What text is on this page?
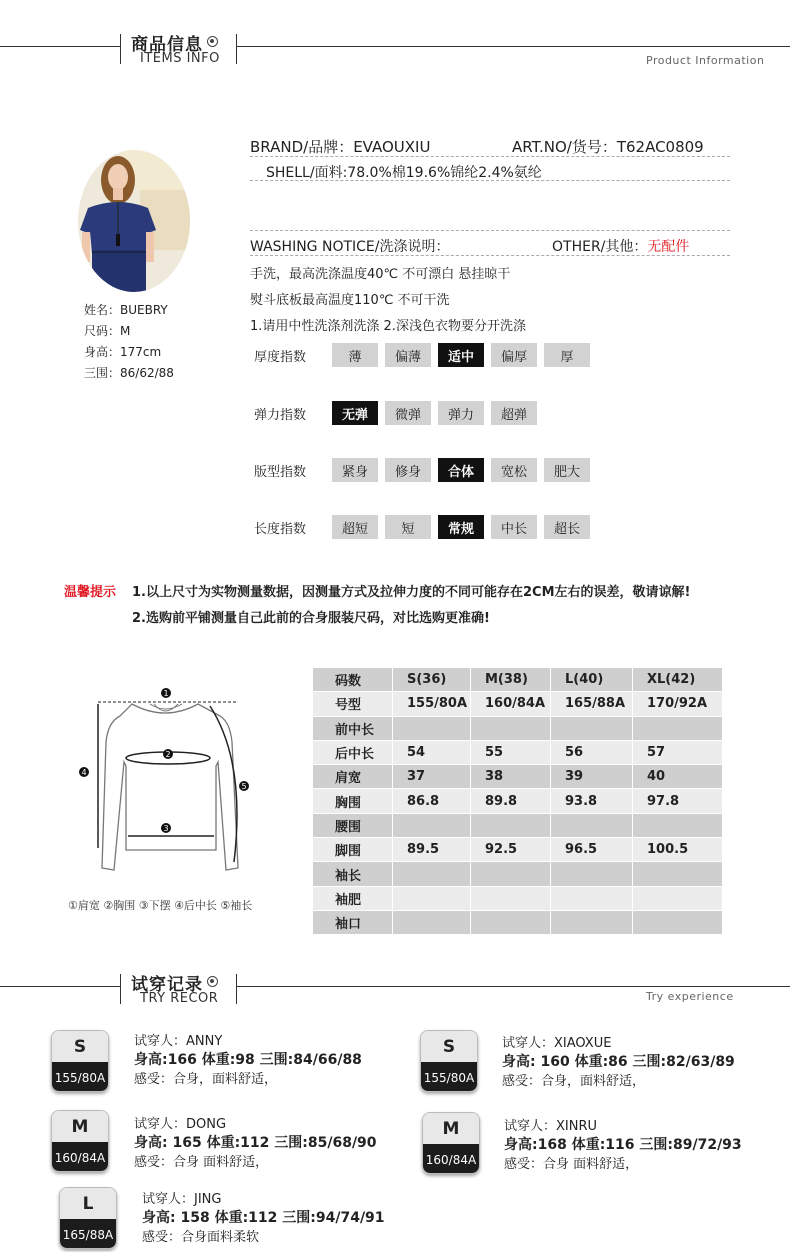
商品信息
ITEMS INFO	Product Information
姓名：BUEBRY
尺码：M
身高：177cm
三围：86/62/88
BRAND/品牌：EVAOUXIU	ART.NO/货号：T62AC0809
SHELL/面料:78.0%棉19.6%锦纶2.4%氨纶
WASHING NOTICE/洗涤说明：	OTHER/其他：无配件
手洗，最高洗涤温度40℃ 不可漂白 悬挂晾干
熨斗底板最高温度110℃ 不可干洗
1.请用中性洗涤剂洗涤 2.深浅色衣物要分开洗涤
厚度指数	薄	偏薄	适中	偏厚	厚
弹力指数	无弹	微弹	弹力	超弹
版型指数	紧身	修身	合体	宽松	肥大
长度指数	超短	短	常规	中长	超长
温馨提示 1.以上尺寸为实物测量数据，因测量方式及拉伸力度的不同可能存在2CM左右的误差，敬请谅解!
2.选购前平铺测量自己此前的合身服装尺码，对比选购更准确!
1
2
3
4
5
①肩宽 ②胸围 ③下摆 ④后中长 ⑤袖长
码数	S(36)	M(38)	L(40)	XL(42)
号型	155/80A	160/84A	165/88A	170/92A
前中长				
后中长	54	55	56	57
肩宽	37	38	39	40
胸围	86.8	89.8	93.8	97.8
腰围				
脚围	89.5	92.5	96.5	100.5
袖长				
袖肥				
袖口				
试穿记录
TRY RECOR	Try experience
S
155/80A
试穿人：ANNY
身高:166 体重:98 三围:84/66/88
感受：合身，面料舒适，
S
155/80A
试穿人：XIAOXUE
身高: 160 体重:86 三围:82/63/89
感受：合身，面料舒适，
M
160/84A
试穿人：DONG
身高: 165 体重:112 三围:85/68/90
感受：合身 面料舒适，
M
160/84A
试穿人：XINRU
身高:168 体重:116 三围:89/72/93
感受：合身 面料舒适，
L
165/88A
试穿人：JING
身高: 158 体重:112 三围:94/74/91
感受：合身面料柔软
